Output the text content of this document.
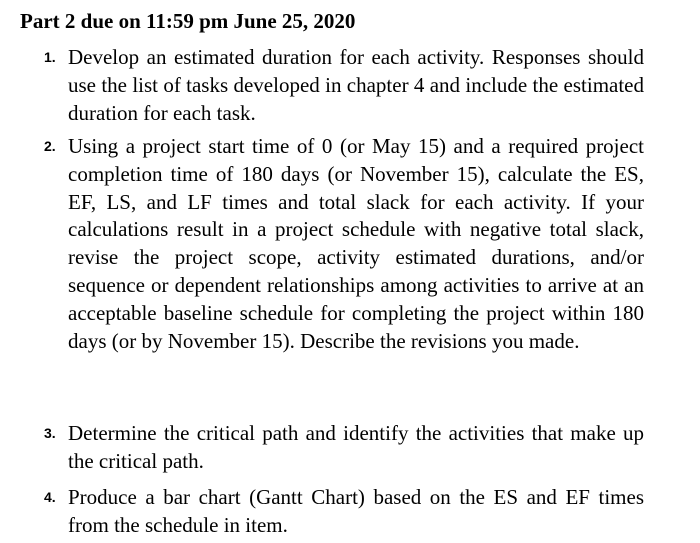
Part 2 due on 11:59 pm June 25, 2020
1. Develop an estimated duration for each activity. Responses should use the list of tasks developed in chapter 4 and include the estimated duration for each task.

2. Using a project start time of 0 (or May 15) and a required project completion time of 180 days (or November 15), calculate the ES, EF, LS, and LF times and total slack for each activity. If your calculations result in a project schedule with negative total slack, revise the project scope, activity estimated durations, and/or sequence or dependent relationships among activities to arrive at an acceptable baseline schedule for completing the project within 180 days (or by November 15). Describe the revisions you made.

3. Determine the critical path and identify the activities that make up the critical path.

4. Produce a bar chart (Gantt Chart) based on the ES and EF times from the schedule in item.
